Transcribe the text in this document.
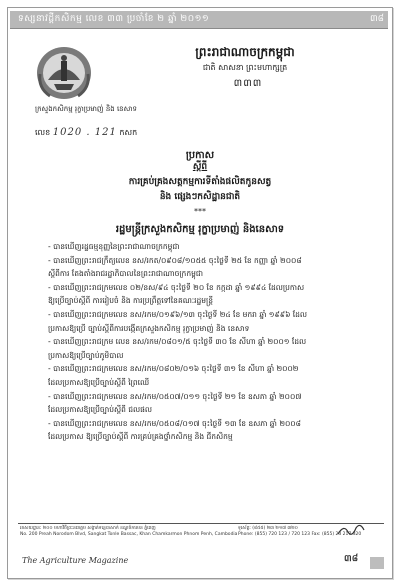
ទស្សនាវដ្តីកសិកម្ម លេខ ៣៣ ប្រចាំខែ ២ ឆ្នាំ ២០១១	៣៨
ក្រសួងកសិកម្ម រុក្ខាប្រមាញ់ និង នេសាទ
ព្រះរាជាណាចក្រកម្ពុជា
ជាតិ សាសនា ព្រះមហាក្សត្រ
៣៣៣
លេខ 1020 . 121 កសក
ប្រកាស
ស្តីពី
ការគ្រប់គ្រងសត្តកម្មការទីតាំងផលិតកូនសត្វ
និង ផ្សេងៗកសិដ្ឋានជាតិ
***
រដ្ឋមន្ត្រីក្រសួងកសិកម្ម រុក្ខាប្រមាញ់ និងនេសាទ
- បានឃើញរដ្ឋធម្មនុញ្ញនៃព្រះរាជាណាចក្រកម្ពុជា
- បានឃើញព្រះរាជក្រឹត្យលេខ នស/រកត/០៩០៨/១០៥៥ ចុះថ្ងៃទី ២៥ ខែ កញ្ញា ឆ្នាំ ២០០៨
ស្តីពីការ តែងតាំងរាជរដ្ឋាភិបាលនៃព្រះរាជាណាចក្រកម្ពុជា
- បានឃើញព្រះរាជក្រមលេខ ០២/នស/៩៤ ចុះថ្ងៃទី ២០ ខែ កក្កដា ឆ្នាំ ១៩៩៤ ដែលប្រកាស
ឱ្យប្រើច្បាប់ស្តីពី ការរៀបចំ និង ការប្រព្រឹត្តទៅនៃគណៈរដ្ឋមន្ត្រី
- បានឃើញព្រះរាជក្រមលេខ នស/រកម/០១៩៦/១៣ ចុះថ្ងៃទី ២៤ ខែ មករា ឆ្នាំ ១៩៩៦ ដែល
ប្រកាសឱ្យប្រើ ច្បាប់ស្តីពីការបង្កើតក្រសួងកសិកម្ម រុក្ខាប្រមាញ់ និង នេសាទ
- បានឃើញព្រះរាជក្រម លេខ នស/រកម/០៨០១/៥ ចុះថ្ងៃទី ៣០ ខែ សីហា ឆ្នាំ ២០០១ ដែល
ប្រកាសឱ្យប្រើច្បាប់ភូមិបាល
- បានឃើញព្រះរាជក្រមលេខ នស/រកម/០៨០២/០១៦ ចុះថ្ងៃទី ៣១ ខែ សីហា ឆ្នាំ ២០០២
ដែលប្រកាសឱ្យប្រើច្បាប់ស្តីពី ព្រៃឈើ
- បានឃើញព្រះរាជក្រមលេខ នស/រកម/០៥០៧/០១១ ចុះថ្ងៃទី ២១ ខែ ឧសភា ឆ្នាំ ២០០៧
ដែលប្រកាសឱ្យប្រើច្បាប់ស្តីពី ជលផល
- បានឃើញព្រះរាជក្រមលេខ នស/រកម/០៥០៨/០១៧ ចុះថ្ងៃទី ១៣ ខែ ឧសភា ឆ្នាំ ២០០៨
ដែលប្រកាស ឱ្យប្រើច្បាប់ស្តីពី ការគ្រប់គ្រងថ្នាំកសិកម្ម និង ជីកសិកម្ម
អាសយដ្ឋានៈ ២០០ មហាវិថីព្រះនរោត្តម សង្កាត់ទន្លេបាសាក់ ខណ្ឌចំការមន ភ្នំពេញ
No. 200 Preah Norodom Blvd, Sangkat Tonle Bassac, Khan Chamkarmon Phnom Penh, Cambodia
ទូរស័ព្ទៈ (៨៥៥) ២៣ ២១៧ ៣២០
Phone: (855) 720 123 / 720 123 Fax: (855) 23 217 320
The Agriculture Magazine	៣៨
